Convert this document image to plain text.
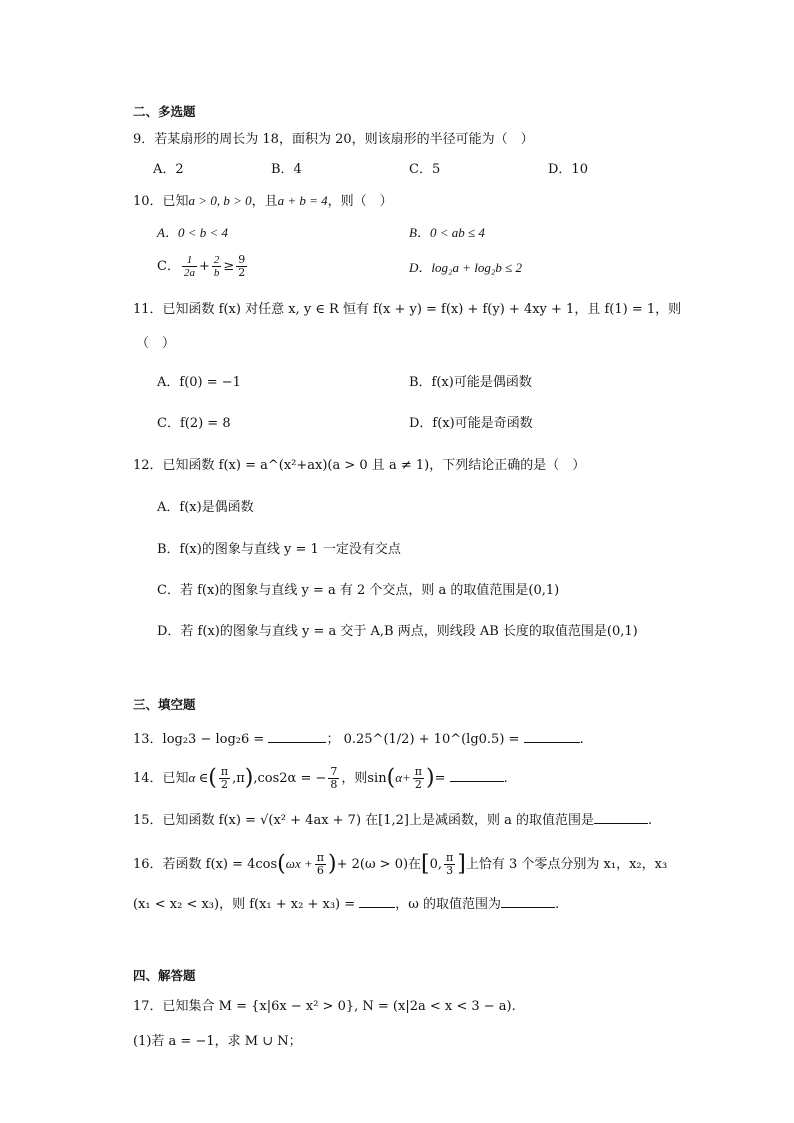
二、多选题
9．若某扇形的周长为 18，面积为 20，则该扇形的半径可能为（　）
A．2	B．4	C．5	D．10
10．已知a > 0, b > 0，且a + b = 4，则（　）
A．0 < b < 4	B．0 < ab ≤ 4
C． $\frac{1}{2a} + \frac{2}{b} \ge \frac{9}{2}$	D．log₂a + log₂b ≤ 2
11．已知函数 f(x) 对任意 x, y ∈ R 恒有 f(x + y) = f(x) + f(y) + 4xy + 1，且 f(1) = 1，则
（　）
A．f(0) = −1	B．f(x)可能是偶函数
C．f(2) = 8	D．f(x)可能是奇函数
12．已知函数 f(x) = a^(x²+ax)(a > 0 且 a ≠ 1)，下列结论正确的是（　）
A．f(x)是偶函数
B．f(x)的图象与直线 y = 1 一定没有交点
C．若 f(x)的图象与直线 y = a 有 2 个交点，则 a 的取值范围是(0,1)
D．若 f(x)的图象与直线 y = a 交于 A,B 两点，则线段 AB 长度的取值范围是(0,1)
三、填空题
13．log₂3 − log₂6 =	； 0.25^(1/2) + 10^(lg0.5) =	.
14．已知α ∈( $\frac{\pi}{2} ,\pi),\cos 2\alpha$ = − $\frac{7}{8}$ ，则$\sin(\alpha+ \frac{\pi}{2}$ )=	.
15．已知函数 f(x) = √(x² + 4ax + 7) 在[1,2]上是减函数，则 a 的取值范围是	.
16．若函数 $f(x) = 4\cos(\omega x + \frac{\pi}{6}$ )+ 2(ω > 0)在[0, $\frac{\pi}{3}$ ]上恰有 3 个零点分别为 x₁，x₂，x₃
(x₁ < x₂ < x₃)，则 f(x₁ + x₂ + x₃) =	，ω 的取值范围为	.
四、解答题
17．已知集合 M = {x|6x − x² > 0}, N = (x|2a < x < 3 − a).
(1)若 a = −1，求 M ∪ N；
